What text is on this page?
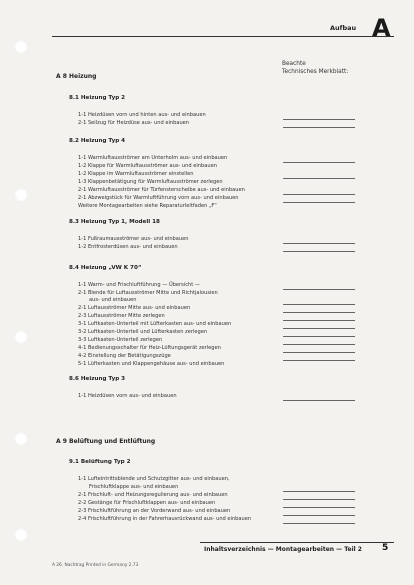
Aufbau A
Beachte
Technisches Merkblatt:
A 8 Heizung
8.1 Heizung Typ 2
1-1 Heizdüsen vorn und hinten aus- und einbauen
2-1 Seilzug für Heizdüse aus- und einbauen
8.2 Heizung Typ 4
1-1 Warmluftausströmer am Unterholm aus- und einbauen
1-2 Klappe für Warmluftausströmer aus- und einbauen
1-2 Klappe im Warmluftausströmer einstellen
1-3 Klappenbetätigung für Warmluftausströmer zerlegen
2-1 Warmluftausströmer für Türfensterscheibe aus- und einbauen
2-1 Abzweigstück für Warmluftführung vorn aus- und einbauen
Weitere Montagearbeiten siehe Reparaturleitfaden „F“
8.3 Heizung Typ 1, Modell 18
1-1 Fußraumausströmer aus- und einbauen
1-2 Entfrosterdüsen aus- und einbauen
8.4 Heizung „VW K 70“
1-1 Warm- und Frischluftführung — Übersicht —
2-1 Blende für Luftausströmer Mitte und Richtjalousien
aus- und einbauen
2-1 Luftausströmer Mitte aus- und einbauen
2-3 Luftausströmer Mitte zerlegen
3-1 Luftkasten-Unterteil mit Lüfterkasten aus- und einbauen
3-2 Luftkasten-Unterteil und Lüfterkasten zerlegen
3-3 Luftkasten-Unterteil zerlegen
4-1 Bedienungsschalter für Heiz-Lüftungsgerät zerlegen
4-2 Einstellung der Betätigungszüge
5-1 Lüfterkasten und Klappengehäuse aus- und einbauen
8.6 Heizung Typ 3
1-1 Heizdüsen vorn aus- und einbauen
A 9 Belüftung und Entlüftung
9.1 Belüftung Typ 2
1-1 Lufteintrittsblende und Schutzgitter aus- und einbauen,
Frischluftklappe aus- und einbauen
2-1 Frischluft- und Heizungsregulierung aus- und einbauen
2-2 Gestänge für Frischluftklappen aus- und einbauen
2-3 Frischluftführung an der Vorderwand aus- und einbauen
2-4 Frischluftführung in der Fahrerhausrückwand aus- und einbauen
Inhaltsverzeichnis — Montagearbeiten — Teil 2 5
A 26. Nachtrag Printed in Germany 2.73
